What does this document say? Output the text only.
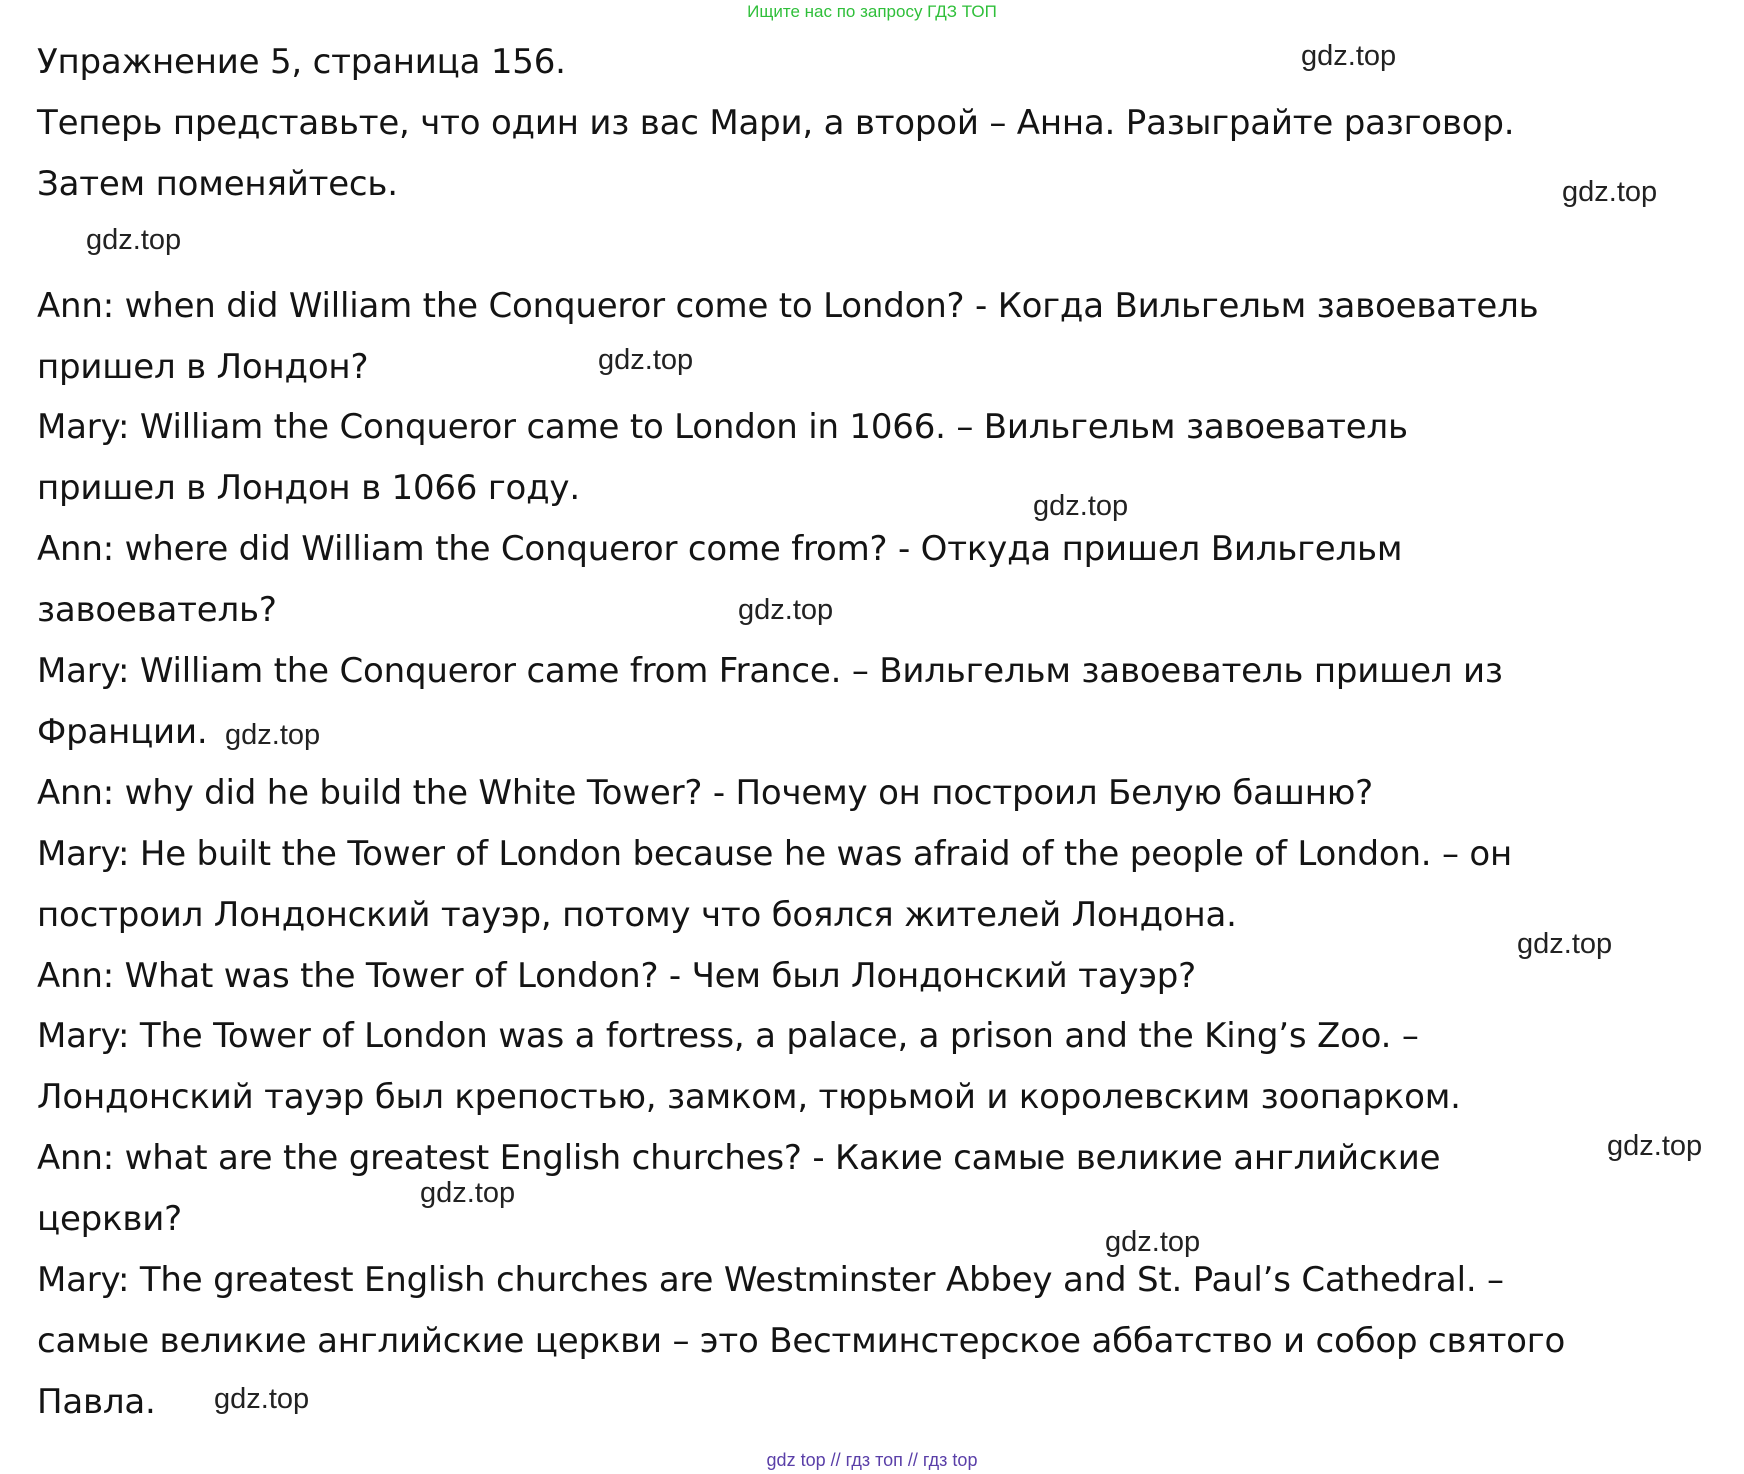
Ищите нас по запросу ГДЗ ТОП
Упражнение 5, страница 156.
Теперь представьте, что один из вас Мари, а второй – Анна. Разыграйте разговор.
Затем поменяйтесь.
Ann: when did William the Conqueror come to London? - Когда Вильгельм завоеватель
пришел в Лондон?
Mary: William the Conqueror came to London in 1066. – Вильгельм завоеватель
пришел в Лондон в 1066 году.
Ann: where did William the Conqueror come from? - Откуда пришел Вильгельм
завоеватель?
Mary: William the Conqueror came from France. – Вильгельм завоеватель пришел из
Франции.
Ann: why did he build the White Tower? - Почему он построил Белую башню?
Mary: He built the Tower of London because he was afraid of the people of London. – он
построил Лондонский тауэр, потому что боялся жителей Лондона.
Ann: What was the Tower of London? - Чем был Лондонский тауэр?
Mary: The Tower of London was a fortress, a palace, a prison and the King’s Zoo. –
Лондонский тауэр был крепостью, замком, тюрьмой и королевским зоопарком.
Ann: what are the greatest English churches? - Какие самые великие английские
церкви?
Mary: The greatest English churches are Westminster Abbey and St. Paul’s Cathedral. –
самые великие английские церкви – это Вестминстерское аббатство и собор святого
Павла.
gdz.top
gdz.top
gdz.top
gdz.top
gdz.top
gdz.top
gdz.top
gdz.top
gdz.top
gdz.top
gdz.top
gdz.top
gdz top // гдз топ // гдз top
